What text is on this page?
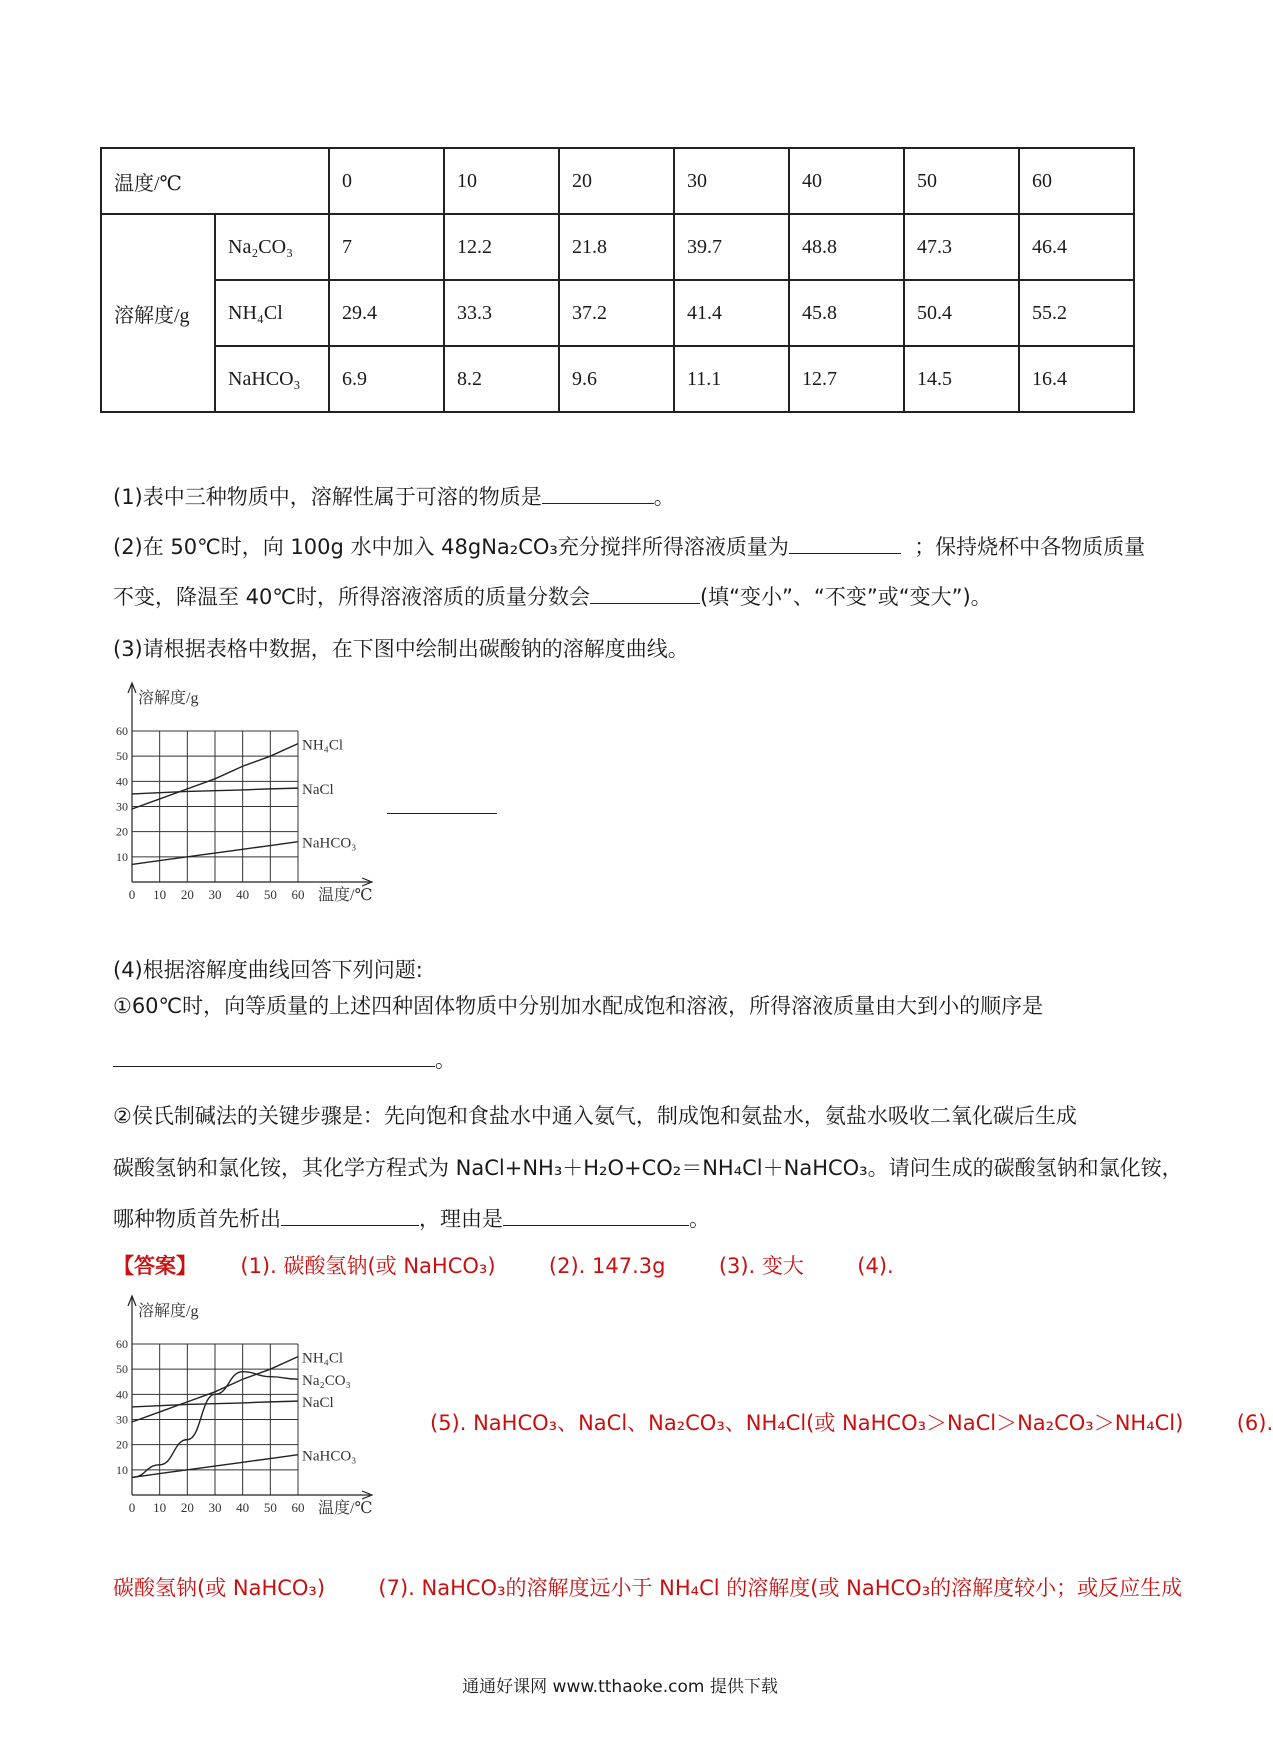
温度/℃		0	10	20	30	40	50	60
溶解度/g	Na₂CO₃	7	12.2	21.8	39.7	48.8	47.3	46.4
	NH₄Cl	29.4	33.3	37.2	41.4	45.8	50.4	55.2
	NaHCO₃	6.9	8.2	9.6	11.1	12.7	14.5	16.4
(1)表中三种物质中，溶解性属于可溶的物质是	。
(2)在 50℃时，向 100g 水中加入 48gNa₂CO₃充分搅拌所得溶液质量为	；保持烧杯中各物质质量
不变，降温至 40℃时，所得溶液溶质的质量分数会	(填“变小”、“不变”或“变大”)。
(3)请根据表格中数据，在下图中绘制出碳酸钠的溶解度曲线。
10
20
30
40
50
60
0 10 20 30 40 50 60
溶解度/g
温度/℃
NH₄Cl
NaCl
NaHCO₃
(4)根据溶解度曲线回答下列问题:
①60℃时，向等质量的上述四种固体物质中分别加水配成饱和溶液，所得溶液质量由大到小的顺序是
。
②侯氏制碱法的关键步骤是：先向饱和食盐水中通入氨气，制成饱和氨盐水，氨盐水吸收二氧化碳后生成
碳酸氢钠和氯化铵，其化学方程式为 NaCl+NH₃＋H₂O+CO₂＝NH₄Cl＋NaHCO₃。请问生成的碳酸氢钠和氯化铵，
哪种物质首先析出	，理由是	。
【答案】 (1). 碳酸氢钠(或 NaHCO₃)	(2). 147.3g	(3). 变大	(4).
10
20
30
40
50
60
0 10 20 30 40 50 60
溶解度/g
温度/℃
NH₄Cl
Na₂CO₃
NaCl
NaHCO₃
(5). NaHCO₃、NaCl、Na₂CO₃、NH₄Cl(或 NaHCO₃＞NaCl＞Na₂CO₃＞NH₄Cl)	(6).
碳酸氢钠(或 NaHCO₃)	(7). NaHCO₃的溶解度远小于 NH₄Cl 的溶解度(或 NaHCO₃的溶解度较小；或反应生成
通通好课网 www.tthaoke.com 提供下载
